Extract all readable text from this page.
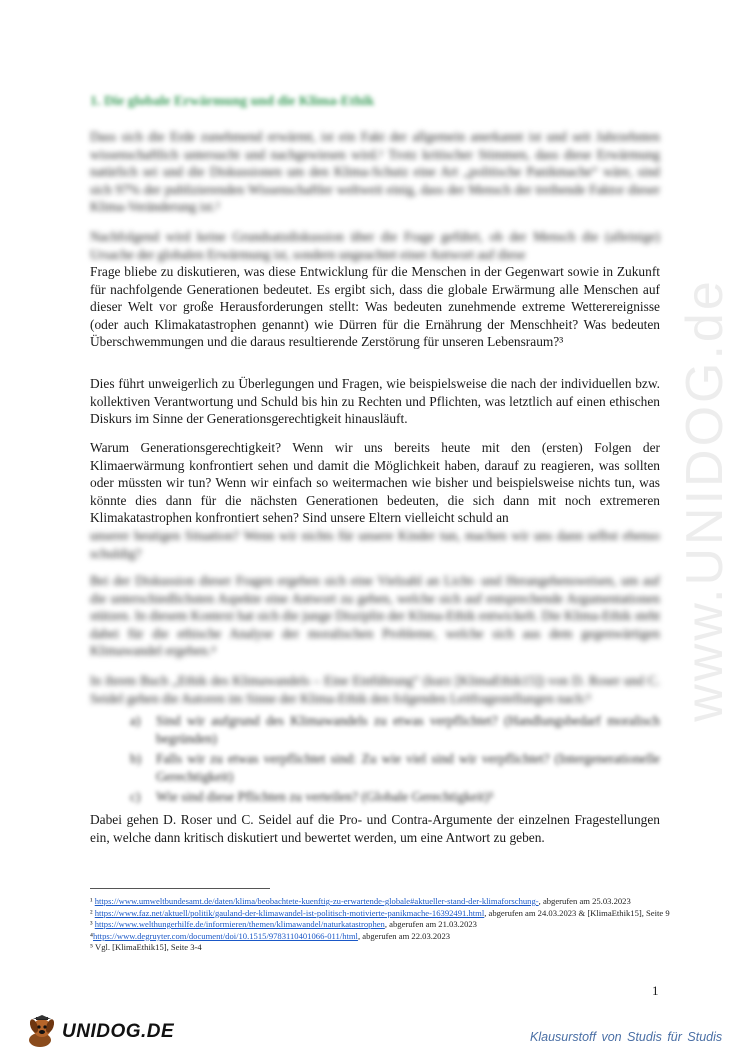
www.UNIDOG.de
1. Die globale Erwärmung und die Klima-Ethik

Dass sich die Erde zunehmend erwärmt, ist ein Fakt der allgemein anerkannt ist und seit Jahrzehnten wissenschaftlich untersucht und nachgewiesen wird.¹ Trotz kritischer Stimmen, dass diese Erwärmung natürlich sei und die Diskussionen um den Klima-Schutz eine Art „politische Panikmache“ wäre, sind sich 97% der publizierenden Wissenschaftler weltweit einig, dass der Mensch der treibende Faktor dieser Klima-Veränderung ist.²

Nachfolgend wird keine Grundsatzdiskussion über die Frage geführt, ob der Mensch die (alleinige) Ursache der globalen Erwärmung ist, sondern ungeachtet einer Antwort auf diese

Frage bliebe zu diskutieren, was diese Entwicklung für die Menschen in der Gegenwart sowie in Zukunft für nachfolgende Generationen bedeutet. Es ergibt sich, dass die globale Erwärmung alle Menschen auf dieser Welt vor große Herausforderungen stellt: Was bedeuten zunehmende extreme Wetterereignisse (oder auch Klimakatastrophen genannt) wie Dürren für die Ernährung der Menschheit? Was bedeuten Überschwemmungen und die daraus resultierende Zerstörung für unseren Lebensraum?³

Dies führt unweigerlich zu Überlegungen und Fragen, wie beispielsweise die nach der individuellen bzw. kollektiven Verantwortung und Schuld bis hin zu Rechten und Pflichten, was letztlich auf einen ethischen Diskurs im Sinne der Generationsgerechtigkeit hinausläuft.

Warum Generationsgerechtigkeit? Wenn wir uns bereits heute mit den (ersten) Folgen der Klimaerwärmung konfrontiert sehen und damit die Möglichkeit haben, darauf zu reagieren, was sollten oder müssten wir tun? Wenn wir einfach so weitermachen wie bisher und beispielsweise nichts tun, was könnte dies dann für die nächsten Generationen bedeuten, die sich dann mit noch extremeren Klimakatastrophen konfrontiert sehen? Sind unsere Eltern vielleicht schuld an

unserer heutigen Situation? Wenn wir nichts für unsere Kinder tun, machen wir uns dann selbst ebenso schuldig?

Bei der Diskussion dieser Fragen ergeben sich eine Vielzahl an Licht- und Herangehensweisen, um auf die unterschiedlichsten Aspekte eine Antwort zu geben, welche sich auf entsprechende Argumentationen stützen. In diesem Kontext hat sich die junge Disziplin der Klima-Ethik entwickelt. Die Klima-Ethik steht dabei für die ethische Analyse der moralischen Probleme, welche sich aus dem gegenwärtigen Klimawandel ergeben.⁴

In ihrem Buch „Ethik des Klimawandels – Eine Einführung“ (kurz [KlimaEthik15]) von D. Roser und C. Seidel gehen die Autoren im Sinne der Klima-Ethik den folgenden Leitfragestellungen nach:⁵

a)	Sind wir aufgrund des Klimawandels zu etwas verpflichtet? (Handlungsbedarf moralisch begründen)
b)	Falls wir zu etwas verpflichtet sind: Zu wie viel sind wir verpflichtet? (Intergenerationelle Gerechtigkeit)
c)	Wie sind diese Pflichten zu verteilen? (Globale Gerechtigkeit)⁵

Dabei gehen D. Roser und C. Seidel auf die Pro- und Contra-Argumente der einzelnen Fragestellungen ein, welche dann kritisch diskutiert und bewertet werden, um eine Antwort zu geben.

¹ https://www.umweltbundesamt.de/daten/klima/beobachtete-kuenftig-zu-erwartende-globale#aktueller-stand-der-klimaforschung-, abgerufen am 25.03.2023

² https://www.faz.net/aktuell/politik/gauland-der-klimawandel-ist-politisch-motivierte-panikmache-16392491.html, abgerufen am 24.03.2023 & [KlimaEthik15], Seite 9

³ https://www.welthungerhilfe.de/informieren/themen/klimawandel/naturkatastrophen, abgerufen am 21.03.2023

⁴https://www.degruyter.com/document/doi/10.1515/9783110401066-011/html, abgerufen am 22.03.2023

⁵ Vgl. [KlimaEthik15], Seite 3-4

1
UNIDOG.DE	Klausurstoff von Studis für Studis
